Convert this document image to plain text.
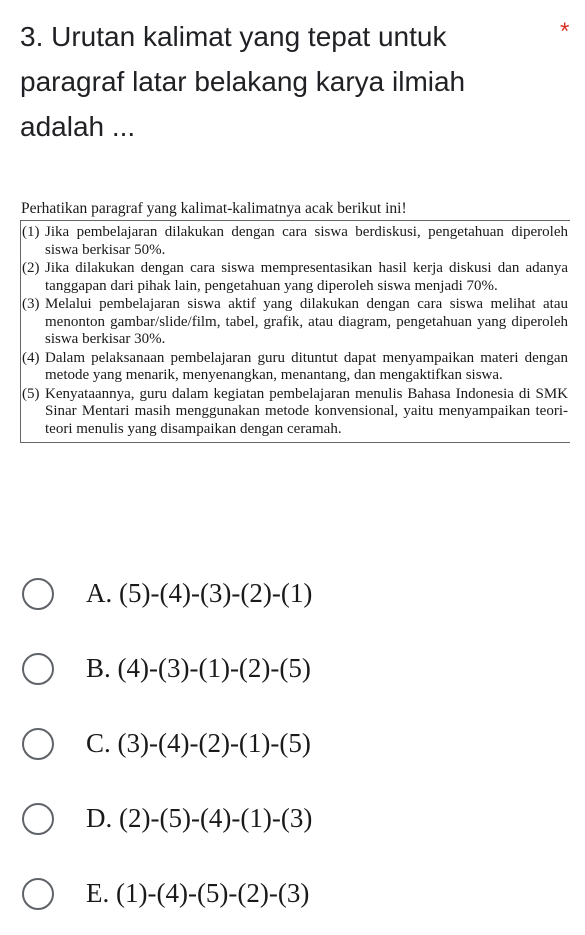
3. Urutan kalimat yang tepat untuk paragraf latar belakang karya ilmiah adalah ...
*
Perhatikan paragraf yang kalimat-kalimatnya acak berikut ini!
(1) Jika pembelajaran dilakukan dengan cara siswa berdiskusi, pengetahuan diperoleh siswa berkisar 50%.
(2) Jika dilakukan dengan cara siswa mempresentasikan hasil kerja diskusi dan adanya tanggapan dari pihak lain, pengetahuan yang diperoleh siswa menjadi 70%.
(3) Melalui pembelajaran siswa aktif yang dilakukan dengan cara siswa melihat atau menonton gambar/slide/film, tabel, grafik, atau diagram, pengetahuan yang diperoleh siswa berkisar 30%.
(4) Dalam pelaksanaan pembelajaran guru dituntut dapat menyampaikan materi dengan metode yang menarik, menyenangkan, menantang, dan mengaktifkan siswa.
(5) Kenyataannya, guru dalam kegiatan pembelajaran menulis Bahasa Indonesia di SMK Sinar Mentari masih menggunakan metode konvensional, yaitu menyampaikan teori-teori menulis yang disampaikan dengan ceramah.
A. (5)-(4)-(3)-(2)-(1)
B. (4)-(3)-(1)-(2)-(5)
C. (3)-(4)-(2)-(1)-(5)
D. (2)-(5)-(4)-(1)-(3)
E. (1)-(4)-(5)-(2)-(3)
